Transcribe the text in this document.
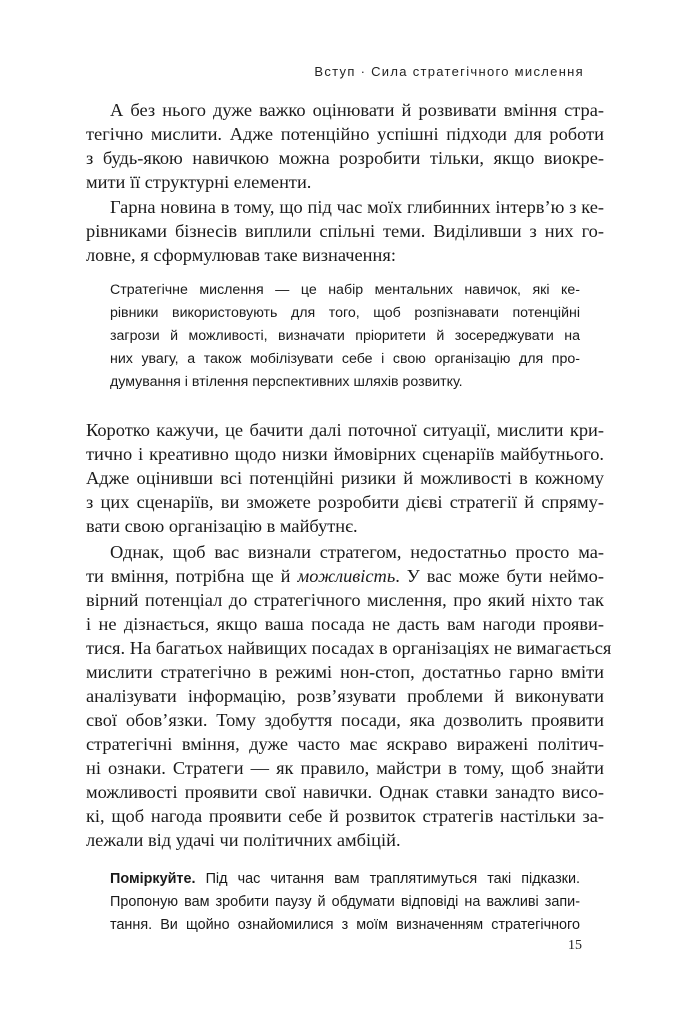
Вступ · Сила стратегічного мислення
А без нього дуже важко оцінювати й розвивати вміння стра-
тегічно мислити. Адже потенційно успішні підходи для роботи
з будь-якою навичкою можна розробити тільки, якщо виокре-
мити її структурні елементи.
Гарна новина в тому, що під час моїх глибинних інтерв’ю з ке-
рівниками бізнесів виплили спільні теми. Виділивши з них го-
ловне, я сформулював таке визначення:
Стратегічне мислення — це набір ментальних навичок, які ке-
рівники використовують для того, щоб розпізнавати потенційні
загрози й можливості, визначати пріоритети й зосереджувати на
них увагу, а також мобілізувати себе і свою організацію для про-
думування і втілення перспективних шляхів розвитку.
Коротко кажучи, це бачити далі поточної ситуації, мислити кри-
тично і креативно щодо низки ймовірних сценаріїв майбутнього.
Адже оцінивши всі потенційні ризики й можливості в кожному
з цих сценаріїв, ви зможете розробити дієві стратегії й спряму-
вати свою організацію в майбутнє.
Однак, щоб вас визнали стратегом, недостатньо просто ма-
ти вміння, потрібна ще й можливість. У вас може бути неймо-
вірний потенціал до стратегічного мислення, про який ніхто так
і не дізнається, якщо ваша посада не дасть вам нагоди прояви-
тися. На багатьох найвищих посадах в організаціях не вимагається
мислити стратегічно в режимі нон-стоп, достатньо гарно вміти
аналізувати інформацію, розв’язувати проблеми й виконувати
свої обов’язки. Тому здобуття посади, яка дозволить проявити
стратегічні вміння, дуже часто має яскраво виражені політич-
ні ознаки. Стратеги — як правило, майстри в тому, щоб знайти
можливості проявити свої навички. Однак ставки занадто висо-
кі, щоб нагода проявити себе й розвиток стратегів настільки за-
лежали від удачі чи політичних амбіцій.
Поміркуйте. Під час читання вам траплятимуться такі підказки.
Пропоную вам зробити паузу й обдумати відповіді на важливі запи-
тання. Ви щойно ознайомилися з моїм визначенням стратегічного
15
